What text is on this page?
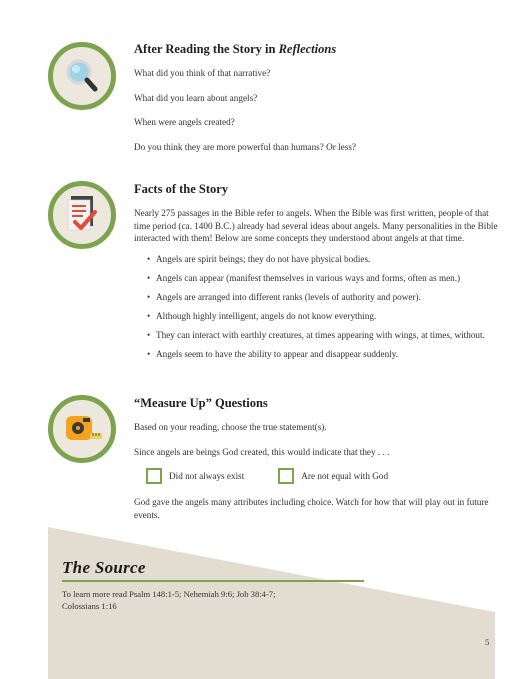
After Reading the Story in Reflections

What did you think of that narrative?

What did you learn about angels?

When were angels created?

Do you think they are more powerful than humans? Or less?

Facts of the Story

Nearly 275 passages in the Bible refer to angels. When the Bible was first written, people of that time period (ca. 1400 B.C.) already had several ideas about angels. Many personalities in the Bible interacted with them! Below are some concepts they understood about angels at that time.

• Angels are spirit beings; they do not have physical bodies.
• Angels can appear (manifest themselves in various ways and forms, often as men.)
• Angels are arranged into different ranks (levels of authority and power).
• Although highly intelligent, angels do not know everything.
• They can interact with earthly creatures, at times appearing with wings, at times, without.
• Angels seem to have the ability to appear and disappear suddenly.
“Measure Up” Questions

Based on your reading, choose the true statement(s).

Since angels are beings God created, this would indicate that they . . .

Did not always exist	Are not equal with God

God gave the angels many attributes including choice. Watch for how that will play out in future events.

The Source
To learn more read Psalm 148:1-5; Nehemiah 9:6; Job 38:4-7; Colossians 1:16
5
